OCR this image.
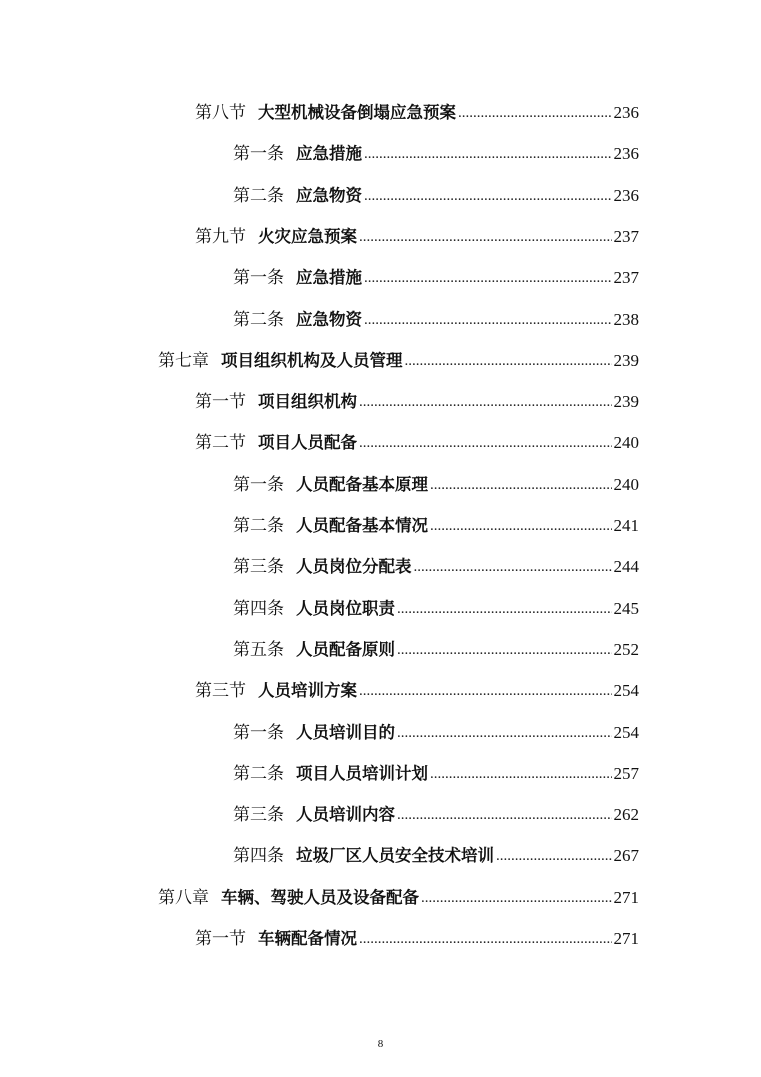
第八节 大型机械设备倒塌应急预案 .....	236
第一条 应急措施 .....	236
第二条 应急物资 .....	236
第九节 火灾应急预案 .....	237
第一条 应急措施 .....	237
第二条 应急物资 .....	238
第七章 项目组织机构及人员管理 .....	239
第一节 项目组织机构 .....	239
第二节 项目人员配备 .....	240
第一条 人员配备基本原理 .....	240
第二条 人员配备基本情况 .....	241
第三条 人员岗位分配表 .....	244
第四条 人员岗位职责 .....	245
第五条 人员配备原则 .....	252
第三节 人员培训方案 .....	254
第一条 人员培训目的 .....	254
第二条 项目人员培训计划 .....	257
第三条 人员培训内容 .....	262
第四条 垃圾厂区人员安全技术培训 .....	267
第八章 车辆、驾驶人员及设备配备 .....	271
第一节 车辆配备情况 .....	271
8
